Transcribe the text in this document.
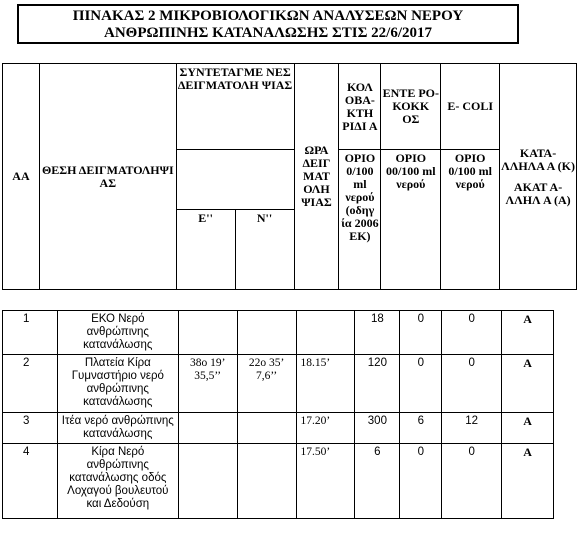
ΠΙΝΑΚΑΣ 2 ΜΙΚΡΟΒΙΟΛΟΓΙΚΩΝ ΑΝΑΛΥΣΕΩΝ ΝΕΡΟΥ
ΑΝΘΡΩΠΙΝΗΣ ΚΑΤΑΝΑΛΩΣΗΣ ΣΤΙΣ 22/6/2017
ΑΑ	ΘΕΣΗ ΔΕΙΓΜΑΤΟΛΗΨΙ ΑΣ	ΣΥΝΤΕΤΑΓΜΕ ΝΕΣ ΔΕΙΓΜΑΤΟΛΗ ΨΙΑΣ		ΩΡΑ ΔΕΙΓ ΜΑΤ ΟΛΗ ΨΙΑΣ	ΚΟΛ ΟΒΑ- ΚΤΗ ΡΙΔΙ Α	ΕΝΤΕ ΡΟ- ΚΟΚΚ ΟΣ	Ε- COLI	ΚΑΤΑ- ΛΛΗΛΑ Α (Κ)
ΑΚΑΤ Α- ΛΛΗΛ Α (Α)

					ΟΡΙΟ 0/100 ml νερού (οδηγ ία 2006 ΕΚ)	ΟΡΙΟ 00/100 ml νερού	ΟΡΙΟ 0/100 ml νερού	
		Ε''	Ν''					
1	ΕΚΟ Νερό ανθρώπινης κατανάλωσης				18	0	0	Α
2	Πλατεία Κίρα Γυμναστήριο νερό ανθρώπινης κατανάλωσης	38ο 19’ 35,5’’	22ο 35’ 7,6’’	18.15’	120	0	0	Α
3	Ιτέα νερό ανθρώπινης κατανάλωσης			17.20’	300	6	12	Α
4	Κίρα Νερό ανθρώπινης κατανάλωσης οδός Λοχαγού βουλευτού και Δεδούση			17.50’	6	0	0	Α
